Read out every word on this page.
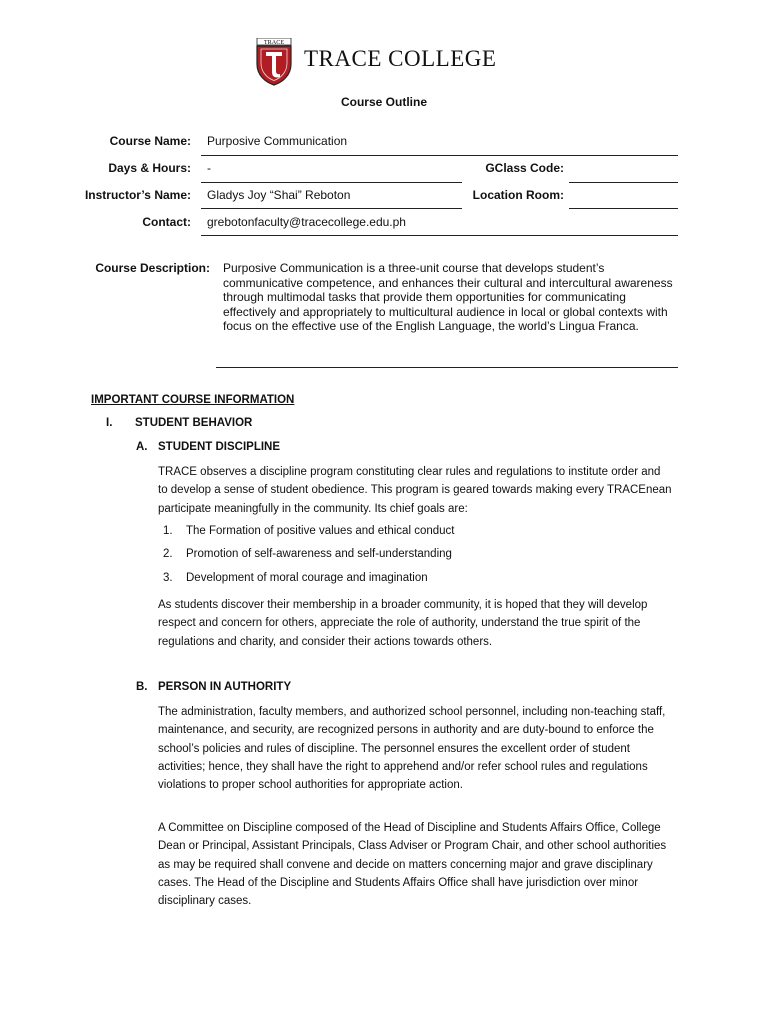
TRACE
TRACE COLLEGE
Course Outline
Course Name: Purposive Communication
Days & Hours: -	GClass Code:
Instructor’s Name: Gladys Joy “Shai” Reboton	Location Room:
Contact: grebotonfaculty@tracecollege.edu.ph
Course Description: Purposive Communication is a three-unit course that develops student’s communicative competence, and enhances their cultural and intercultural awareness through multimodal tasks that provide them opportunities for communicating effectively and appropriately to multicultural audience in local or global contexts with focus on the effective use of the English Language, the world’s Lingua Franca.
IMPORTANT COURSE INFORMATION
I. STUDENT BEHAVIOR
A. STUDENT DISCIPLINE
TRACE observes a discipline program constituting clear rules and regulations to institute order and to develop a sense of student obedience. This program is geared towards making every TRACEnean participate meaningfully in the community. Its chief goals are:
1. The Formation of positive values and ethical conduct
2. Promotion of self-awareness and self-understanding
3. Development of moral courage and imagination
As students discover their membership in a broader community, it is hoped that they will develop respect and concern for others, appreciate the role of authority, understand the true spirit of the regulations and charity, and consider their actions towards others.
B. PERSON IN AUTHORITY
The administration, faculty members, and authorized school personnel, including non-teaching staff, maintenance, and security, are recognized persons in authority and are duty-bound to enforce the school’s policies and rules of discipline. The personnel ensures the excellent order of student activities; hence, they shall have the right to apprehend and/or refer school rules and regulations violations to proper school authorities for appropriate action.
A Committee on Discipline composed of the Head of Discipline and Students Affairs Office, College Dean or Principal, Assistant Principals, Class Adviser or Program Chair, and other school authorities as may be required shall convene and decide on matters concerning major and grave disciplinary cases. The Head of the Discipline and Students Affairs Office shall have jurisdiction over minor disciplinary cases.
